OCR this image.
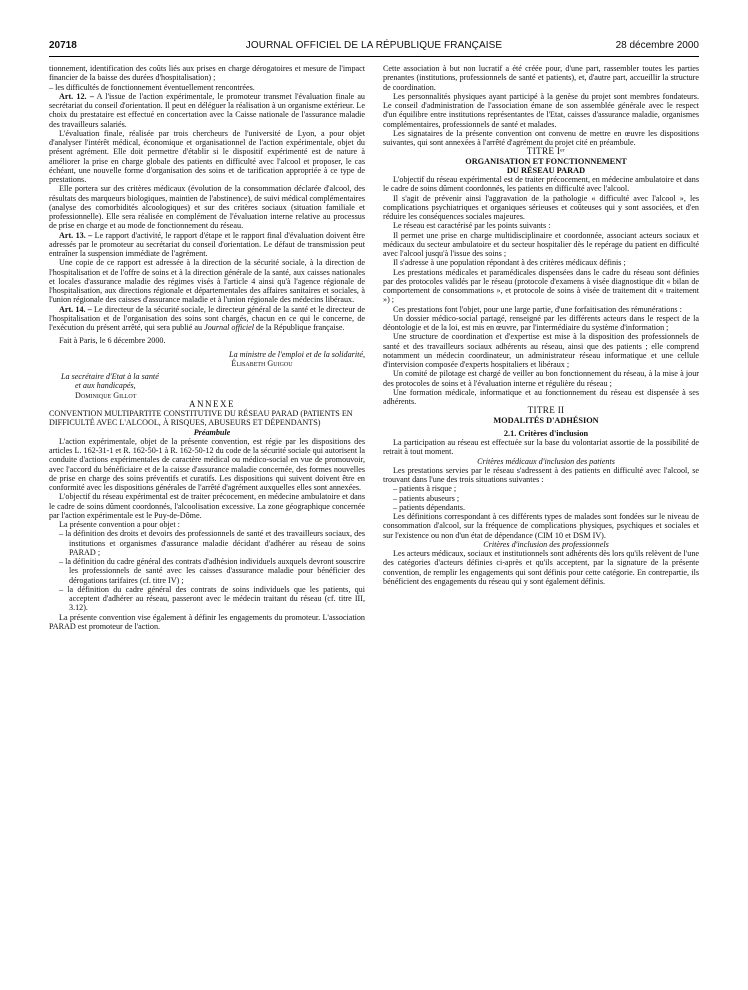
20718	JOURNAL OFFICIEL DE LA RÉPUBLIQUE FRANÇAISE	28 décembre 2000

tionnement, identification des coûts liés aux prises en charge dérogatoires et mesure de l'impact financier de la baisse des durées d'hospitalisation) ;

– les difficultés de fonctionnement éventuellement rencontrées.

Art. 12. – A l'issue de l'action expérimentale, le promoteur transmet l'évaluation finale au secrétariat du conseil d'orientation. Il peut en déléguer la réalisation à un organisme extérieur. Le choix du prestataire est effectué en concertation avec la Caisse nationale de l'assurance maladie des travailleurs salariés.

L'évaluation finale, réalisée par trois chercheurs de l'université de Lyon, a pour objet d'analyser l'intérêt médical, économique et organisationnel de l'action expérimentale, objet du présent agrément. Elle doit permettre d'établir si le dispositif expérimenté est de nature à améliorer la prise en charge globale des patients en difficulté avec l'alcool et proposer, le cas échéant, une nouvelle forme d'organisation des soins et de tarification appropriée à ce type de prestations.

Elle portera sur des critères médicaux (évolution de la consommation déclarée d'alcool, des résultats des marqueurs biologiques, maintien de l'abstinence), de suivi médical complémentaires (analyse des comorbidités alcoologiques) et sur des critères sociaux (situation familiale et professionnelle). Elle sera réalisée en complément de l'évaluation interne relative au processus de prise en charge et au mode de fonctionnement du réseau.

Art. 13. – Le rapport d'activité, le rapport d'étape et le rapport final d'évaluation doivent être adressés par le promoteur au secrétariat du conseil d'orientation. Le défaut de transmission peut entraîner la suspension immédiate de l'agrément.

Une copie de ce rapport est adressée à la direction de la sécurité sociale, à la direction de l'hospitalisation et de l'offre de soins et à la direction générale de la santé, aux caisses nationales et locales d'assurance maladie des régimes visés à l'article 4 ainsi qu'à l'agence régionale de l'hospitalisation, aux directions régionale et départementales des affaires sanitaires et sociales, à l'union régionale des caisses d'assurance maladie et à l'union régionale des médecins libéraux.

Art. 14. – Le directeur de la sécurité sociale, le directeur général de la santé et le directeur de l'hospitalisation et de l'organisation des soins sont chargés, chacun en ce qui le concerne, de l'exécution du présent arrêté, qui sera publié au Journal officiel de la République française.

Fait à Paris, le 6 décembre 2000.

La ministre de l'emploi et de la solidarité,

Élisabeth Guigou

La secrétaire d'Etat à la santé

et aux handicapés,

Dominique Gillot

ANNEXE

CONVENTION MULTIPARTITE CONSTITUTIVE DU RÉSEAU PARAD (PATIENTS EN DIFFICULTÉ AVEC L'ALCOOL, À RISQUES, ABUSEURS ET DÉPENDANTS)

Préambule

L'action expérimentale, objet de la présente convention, est régie par les dispositions des articles L. 162-31-1 et R. 162-50-1 à R. 162-50-12 du code de la sécurité sociale qui autorisent la conduite d'actions expérimentales de caractère médical ou médico-social en vue de promouvoir, avec l'accord du bénéficiaire et de la caisse d'assurance maladie concernée, des formes nouvelles de prise en charge des soins préventifs et curatifs. Les dispositions qui suivent doivent être en conformité avec les dispositions générales de l'arrêté d'agrément auxquelles elles sont annexées.

L'objectif du réseau expérimental est de traiter précocement, en médecine ambulatoire et dans le cadre de soins dûment coordonnés, l'alcoolisation excessive. La zone géographique concernée par l'action expérimentale est le Puy-de-Dôme.

La présente convention a pour objet :

– la définition des droits et devoirs des professionnels de santé et des travailleurs sociaux, des institutions et organismes d'assurance maladie décidant d'adhérer au réseau de soins PARAD ;

– la définition du cadre général des contrats d'adhésion individuels auxquels devront souscrire les professionnels de santé avec les caisses d'assurance maladie pour bénéficier des dérogations tarifaires (cf. titre IV) ;

– la définition du cadre général des contrats de soins individuels que les patients, qui acceptent d'adhérer au réseau, passeront avec le médecin traitant du réseau (cf. titre III, 3.12).

La présente convention vise également à définir les engagements du promoteur. L'association PARAD est promoteur de l'action.

Cette association à but non lucratif a été créée pour, d'une part, rassembler toutes les parties prenantes (institutions, professionnels de santé et patients), et, d'autre part, accueillir la structure de coordination.

Les personnalités physiques ayant participé à la genèse du projet sont membres fondateurs. Le conseil d'administration de l'association émane de son assemblée générale avec le respect d'un équilibre entre institutions représentantes de l'Etat, caisses d'assurance maladie, organismes complémentaires, professionnels de santé et malades.

Les signataires de la présente convention ont convenu de mettre en œuvre les dispositions suivantes, qui sont annexées à l'arrêté d'agrément du projet cité en préambule.

TITRE Iᵉʳ

ORGANISATION ET FONCTIONNEMENT

DU RÉSEAU PARAD

L'objectif du réseau expérimental est de traiter précocement, en médecine ambulatoire et dans le cadre de soins dûment coordonnés, les patients en difficulté avec l'alcool.

Il s'agit de prévenir ainsi l'aggravation de la pathologie « difficulté avec l'alcool », les complications psychiatriques et organiques sérieuses et coûteuses qui y sont associées, et d'en réduire les conséquences sociales majeures.

Le réseau est caractérisé par les points suivants :

Il permet une prise en charge multidisciplinaire et coordonnée, associant acteurs sociaux et médicaux du secteur ambulatoire et du secteur hospitalier dès le repérage du patient en difficulté avec l'alcool jusqu'à l'issue des soins ;

Il s'adresse à une population répondant à des critères médicaux définis ;

Les prestations médicales et paramédicales dispensées dans le cadre du réseau sont définies par des protocoles validés par le réseau (protocole d'examens à visée diagnostique dit « bilan de comportement de consommations », et protocole de soins à visée de traitement dit « traitement ») ;

Ces prestations font l'objet, pour une large partie, d'une forfaitisation des rémunérations :

Un dossier médico-social partagé, renseigné par les différents acteurs dans le respect de la déontologie et de la loi, est mis en œuvre, par l'intermédiaire du système d'information ;

Une structure de coordination et d'expertise est mise à la disposition des professionnels de santé et des travailleurs sociaux adhérents au réseau, ainsi que des patients ; elle comprend notamment un médecin coordinateur, un administrateur réseau informatique et une cellule d'intervision composée d'experts hospitaliers et libéraux ;

Un comité de pilotage est chargé de veiller au bon fonctionnement du réseau, à la mise à jour des protocoles de soins et à l'évaluation interne et régulière du réseau ;

Une formation médicale, informatique et au fonctionnement du réseau est dispensée à ses adhérents.

TITRE II

MODALITÉS D'ADHÉSION

2.1. Critères d'inclusion

La participation au réseau est effectuée sur la base du volontariat assortie de la possibilité de retrait à tout moment.

Critères médicaux d'inclusion des patients

Les prestations servies par le réseau s'adressent à des patients en difficulté avec l'alcool, se trouvant dans l'une des trois situations suivantes :

– patients à risque ;

– patients abuseurs ;

– patients dépendants.

Les définitions correspondant à ces différents types de malades sont fondées sur le niveau de consommation d'alcool, sur la fréquence de complications physiques, psychiques et sociales et sur l'existence ou non d'un état de dépendance (CIM 10 et DSM IV).

Critères d'inclusion des professionnels

Les acteurs médicaux, sociaux et institutionnels sont adhérents dès lors qu'ils relèvent de l'une des catégories d'acteurs définies ci-après et qu'ils acceptent, par la signature de la présente convention, de remplir les engagements qui sont définis pour cette catégorie. En contrepartie, ils bénéficient des engagements du réseau qui y sont également définis.
